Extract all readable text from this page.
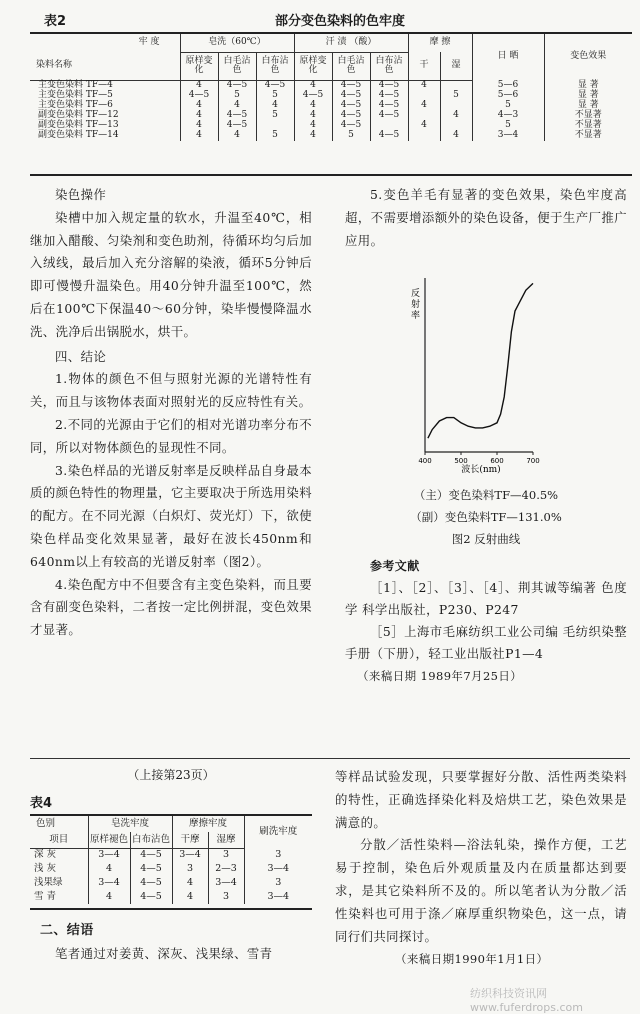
表2	部分变色染料的色牢度
牢 度	皂洗（60℃）			汗 渍 （酸）			摩 擦		日 晒	变色效果
染料名称	原样变化	白毛沾色	白布沾色	原样变化	白毛沾色	白布沾色	干	湿		
主变色染料 TF—4	4	4—5	4—5	4	4—5	4—5	4		5—6	显 著
主变色染料 TF—5	4—5	5	5	4—5	4—5	4—5		5	5—6	显 著
主变色染料 TF—6	4	4	4	4	4—5	4—5	4		5	显 著
副变色染料 TF—12	4	4—5	5	4	4—5	4—5		4	4—3	不显著
副变色染料 TF—13	4	4—5		4	4—5		4		5	不显著
副变色染料 TF—14	4	4	5	4	5	4—5		4	3—4	不显著

染色操作

染槽中加入规定量的软水，升温至40℃，相继加入醋酸、匀染剂和变色助剂，待循环均匀后加入绒线，最后加入充分溶解的染液，循环5分钟后即可慢慢升温染色。用40分钟升温至100℃，然后在100℃下保温40～60分钟，染毕慢慢降温水洗、洗净后出锅脱水，烘干。

四、结论

1.物体的颜色不但与照射光源的光谱特性有关，而且与该物体表面对照射光的反应特性有关。

2.不同的光源由于它们的相对光谱功率分布不同，所以对物体颜色的显现性不同。

3.染色样品的光谱反射率是反映样品自身最本质的颜色特性的物理量，它主要取决于所选用染料的配方。在不同光源（白炽灯、荧光灯）下，欲使染色样品变化效果显著，最好在波长450nm和640nm以上有较高的光谱反射率（图2）。

4.染色配方中不但要含有主变色染料，而且要含有副变色染料，二者按一定比例拼混，变色效果才显著。

5.变色羊毛有显著的变色效果，染色牢度高超，不需要增添额外的染色设备，便于生产厂推广应用。

反射率
400	500	600	700
波长(nm)
（主）变色染料TF—40.5%
（副）变色染料TF—131.0%
图2 反射曲线

参考文献

［1］、［2］、［3］、［4］、荆其诚等编著 色度学 科学出版社，P230、P247

［5］上海市毛麻纺织工业公司编 毛纺织染整手册（下册），轻工业出版社P1—4

（来稿日期 1989年7月25日）

（上接第23页）
表4
色别	皂洗牢度		摩擦牢度		刷洗牢度
项目	原样褪色	白布沾色	干摩	湿摩	
深 灰	3—4	4—5	3—4	3	3
浅 灰	4	4—5	3	2—3	3—4
浅果绿	3—4	4—5	4	3—4	3
雪 青	4	4—5	4	3	3—4

二、结语

笔者通过对姜黄、深灰、浅果绿、雪青

等样品试验发现，只要掌握好分散、活性两类染料的特性，正确选择染化料及焙烘工艺，染色效果是满意的。

分散／活性染料—浴法轧染，操作方便，工艺易于控制，染色后外观质量及内在质量都达到要求，是其它染料所不及的。所以笔者认为分散／活性染料也可用于涤／麻厚重织物染色，这一点，请同行们共同探讨。

（来稿日期1990年1月1日）

纺织科技资讯网 www.fuferdrops.com
